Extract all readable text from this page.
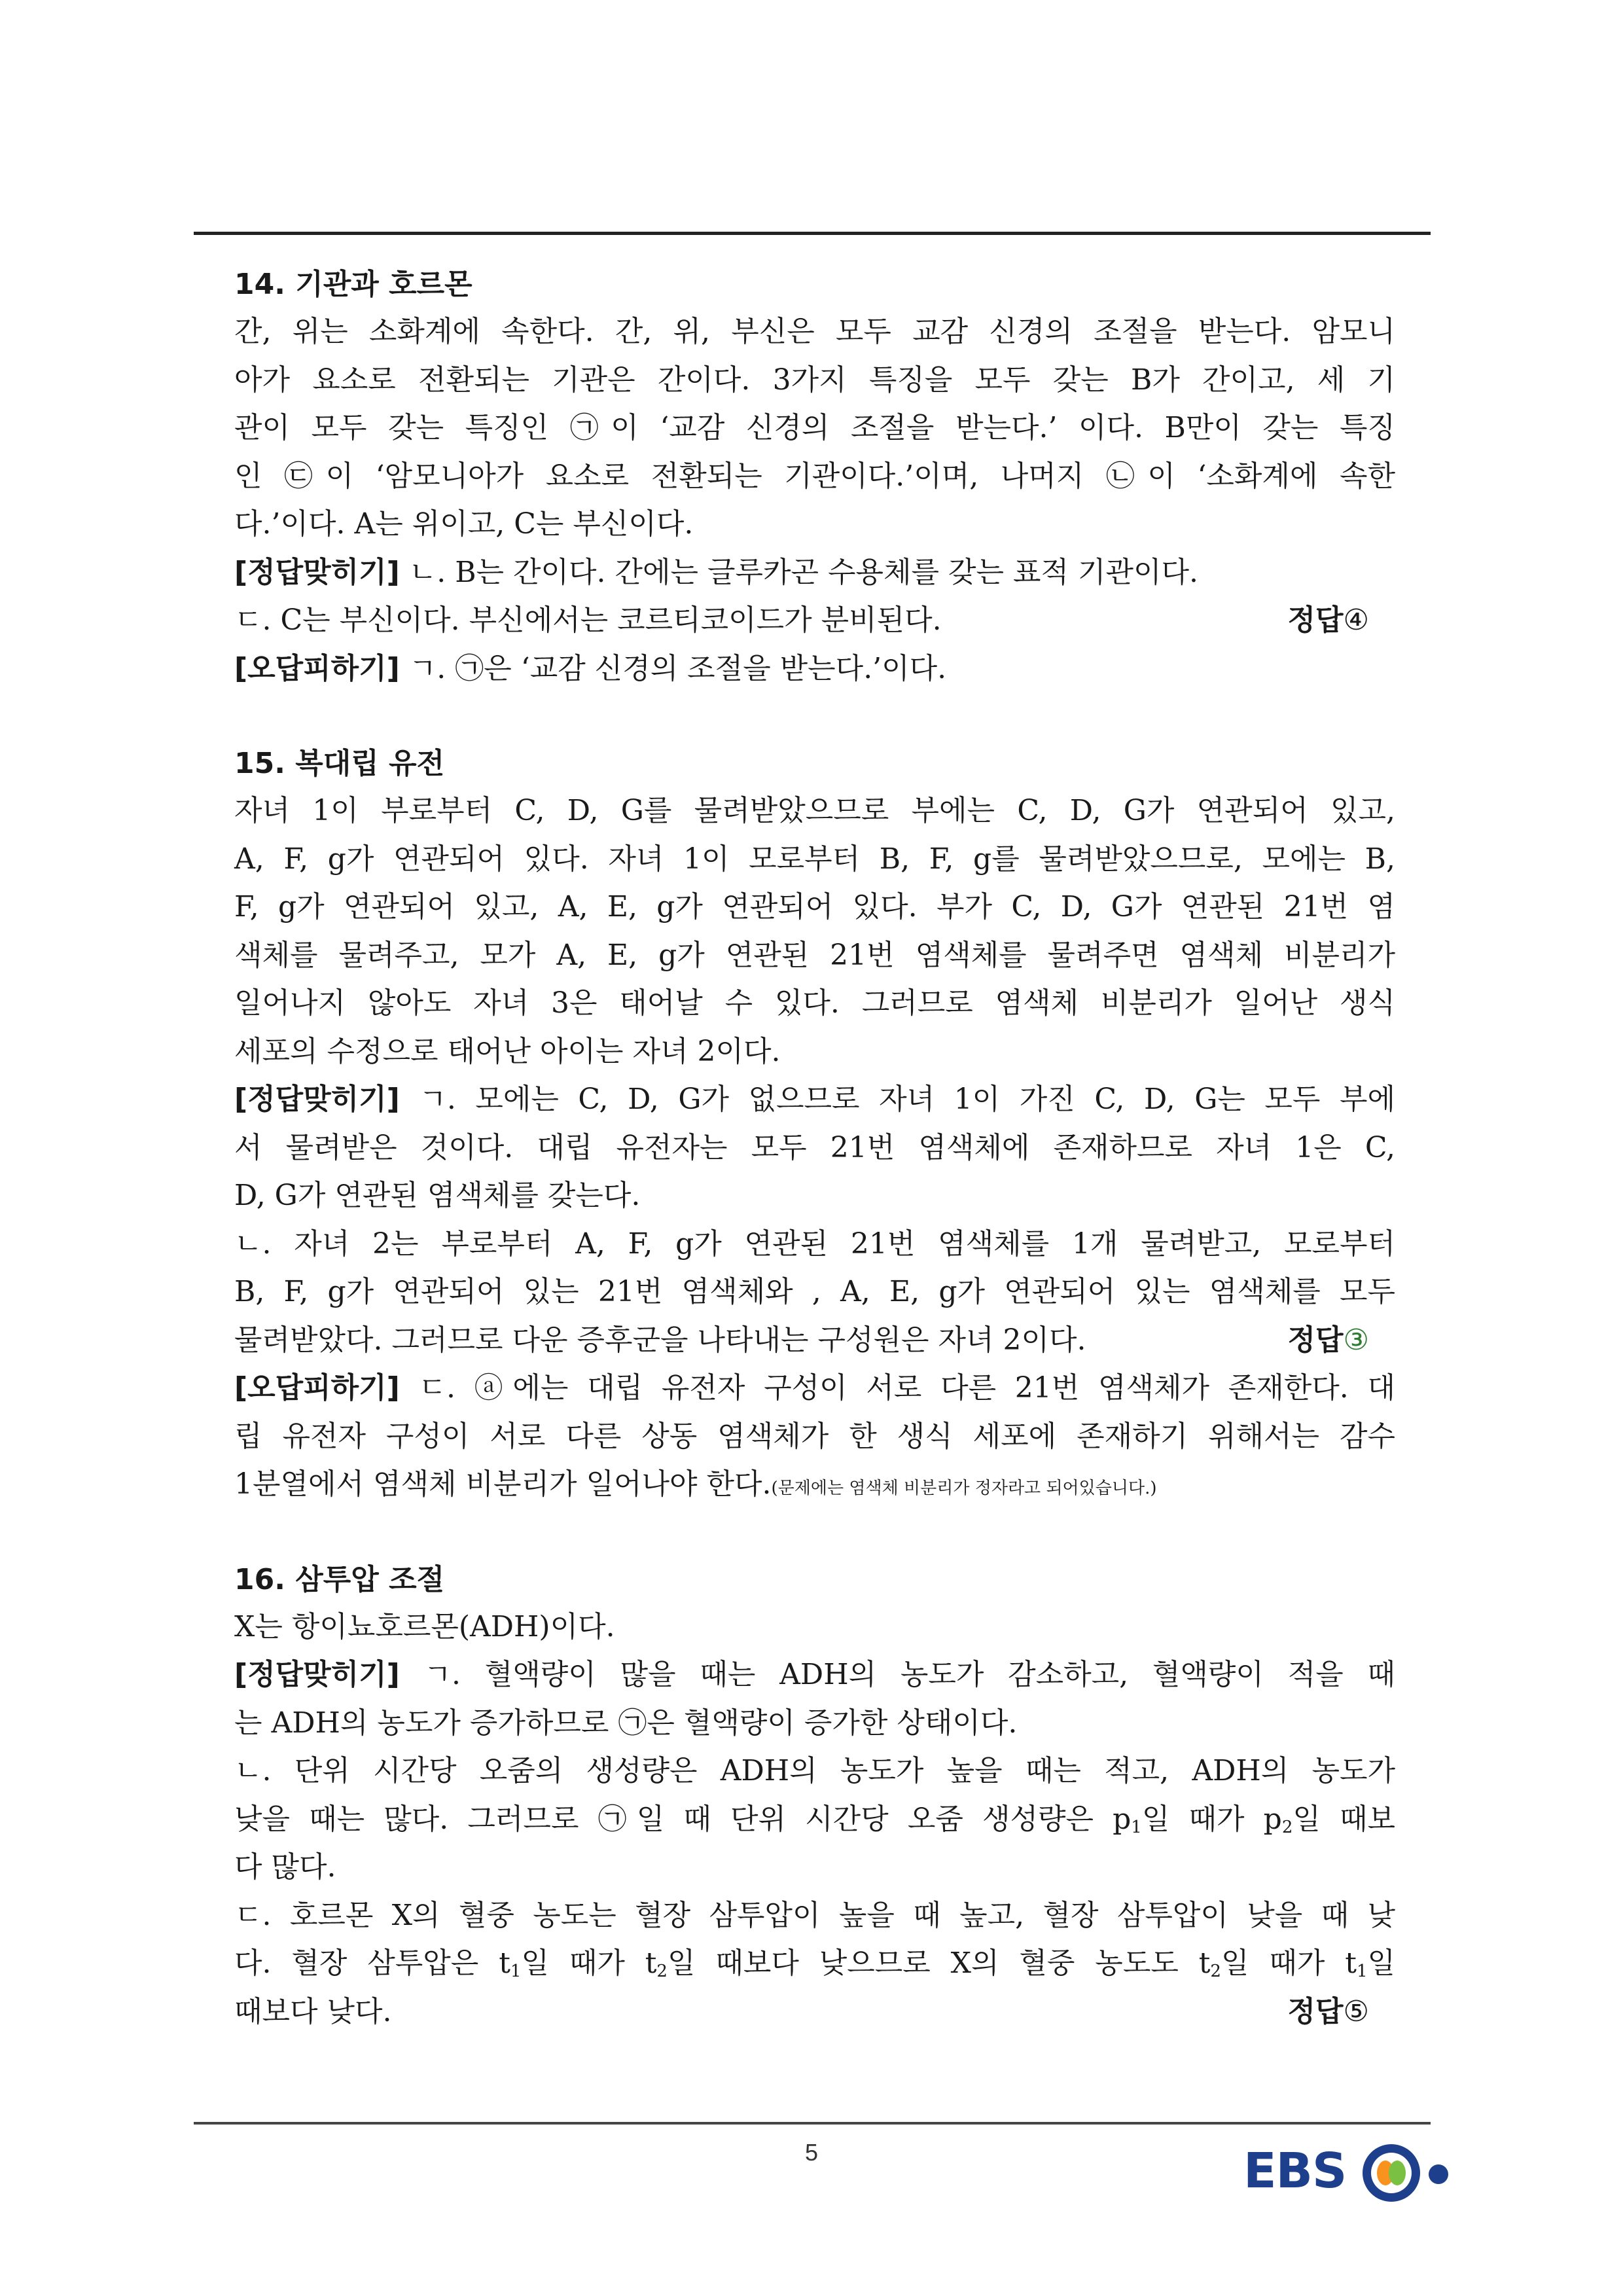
14. 기관과 호르몬
간, 위는 소화계에 속한다. 간, 위, 부신은 모두 교감 신경의 조절을 받는다. 암모니
아가 요소로 전환되는 기관은 간이다. 3가지 특징을 모두 갖는 B가 간이고, 세 기
관이 모두 갖는 특징인 ㉠이 ‘교감 신경의 조절을 받는다.’ 이다. B만이 갖는 특징
인 ㉢이 ‘암모니아가 요소로 전환되는 기관이다.’이며, 나머지 ㉡이 ‘소화계에 속한
다.’이다. A는 위이고, C는 부신이다.
[정답맞히기] ㄴ. B는 간이다. 간에는 글루카곤 수용체를 갖는 표적 기관이다.
ㄷ. C는 부신이다. 부신에서는 코르티코이드가 분비된다.	정답④
[오답피하기] ㄱ. ㉠은 ‘교감 신경의 조절을 받는다.’이다.
15. 복대립 유전
자녀 1이 부로부터 C, D, G를 물려받았으므로 부에는 C, D, G가 연관되어 있고,
A, F, g가 연관되어 있다. 자녀 1이 모로부터 B, F, g를 물려받았으므로, 모에는 B,
F, g가 연관되어 있고, A, E, g가 연관되어 있다. 부가 C, D, G가 연관된 21번 염
색체를 물려주고, 모가 A, E, g가 연관된 21번 염색체를 물려주면 염색체 비분리가
일어나지 않아도 자녀 3은 태어날 수 있다. 그러므로 염색체 비분리가 일어난 생식
세포의 수정으로 태어난 아이는 자녀 2이다.
[정답맞히기] ㄱ. 모에는 C, D, G가 없으므로 자녀 1이 가진 C, D, G는 모두 부에
서 물려받은 것이다. 대립 유전자는 모두 21번 염색체에 존재하므로 자녀 1은 C,
D, G가 연관된 염색체를 갖는다.
ㄴ. 자녀 2는 부로부터 A, F, g가 연관된 21번 염색체를 1개 물려받고, 모로부터
B, F, g가 연관되어 있는 21번 염색체와 , A, E, g가 연관되어 있는 염색체를 모두
물려받았다. 그러므로 다운 증후군을 나타내는 구성원은 자녀 2이다.	정답③
[오답피하기] ㄷ. ⓐ에는 대립 유전자 구성이 서로 다른 21번 염색체가 존재한다. 대
립 유전자 구성이 서로 다른 상동 염색체가 한 생식 세포에 존재하기 위해서는 감수
1분열에서 염색체 비분리가 일어나야 한다.(문제에는 염색체 비분리가 정자라고 되어있습니다.)
16. 삼투압 조절
X는 항이뇨호르몬(ADH)이다.
[정답맞히기] ㄱ. 혈액량이 많을 때는 ADH의 농도가 감소하고, 혈액량이 적을 때
는 ADH의 농도가 증가하므로 ㉠은 혈액량이 증가한 상태이다.
ㄴ. 단위 시간당 오줌의 생성량은 ADH의 농도가 높을 때는 적고, ADH의 농도가
낮을 때는 많다. 그러므로 ㉠일 때 단위 시간당 오줌 생성량은 $p_1$일 때가 $p_2$일 때보
다 많다.
ㄷ. 호르몬 X의 혈중 농도는 혈장 삼투압이 높을 때 높고, 혈장 삼투압이 낮을 때 낮
다. 혈장 삼투압은 $t_1$일 때가 $t_2$일 때보다 낮으므로 X의 혈중 농도도 $t_2$일 때가 $t_1$일
때보다 낮다.	정답⑤
5	EBS
